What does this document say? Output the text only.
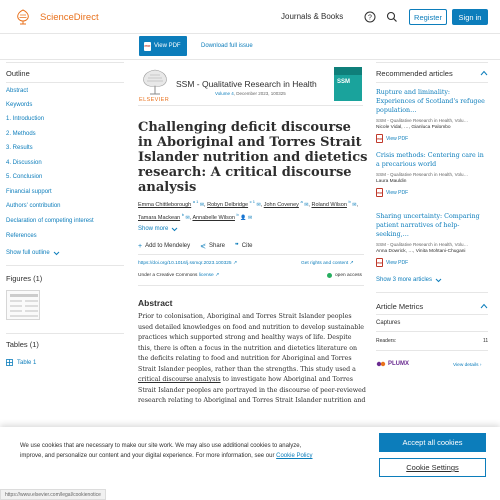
ScienceDirect	Journals & Books	?	Register	Sign in
PDF View PDF	Download full issue
Outline
Abstract
Keywords
1. Introduction
2. Methods
3. Results
4. Discussion
5. Conclusion
Financial support
Authors' contribution
Declaration of competing interest
References
Show full outline
Figures (1)
Tables (1)
Table 1
ELSEVIER
SSM - Qualitative Research in Health
Volume 4, December 2023, 100325
SSM
Challenging deficit discourse in Aboriginal and Torres Strait Islander nutrition and dietetics research: A critical discourse analysis
Emma Chittleborough $^{a 1}$ ✉, Robyn Delbridge $^{c 1}$ ✉, John Coveney $^a$ ✉, Roland Wilson $^b$ ✉, Tamara Mackean $^b$ ✉, Annabelle Wilson $^b$ 👤 ✉
Show more
+ Add to Mendeley ⋞ Share ❞ Cite
https://doi.org/10.1016/j.ssmqr.2023.100325 ↗	Get rights and content ↗
Under a Creative Commons license ↗	open access
Abstract

Prior to colonisation, Aboriginal and Torres Strait Islander peoples used detailed knowledges on food and nutrition to develop sustainable practices which supported strong and healthy ways of life. Despite this, there is often a focus in the nutrition and dietetics literature on the deficits relating to food and nutrition for Aboriginal and Torres Strait Islander peoples, rather than the strengths. This study used a critical discourse analysis to investigate how Aboriginal and Torres Strait Islander peoples are portrayed in the discourse of peer-reviewed research relating to Aboriginal and Torres Strait Islander nutrition and

Recommended articles
Rupture and liminality: Experiences of Scotland's refugee population…
SSM - Qualitative Research in Health, Volu…
Nicole Vidal, …, Gianluca Palombo
PDF View PDF
Crisis methods: Centering care in a precarious world
SSM - Qualitative Research in Health, Volu…
Laura Mauldin
PDF View PDF
Sharing uncertainty: Comparing patient narratives of help-seeking,…
SSM - Qualitative Research in Health, Volu…
Anna Dowrick, …, Vinita Mohtani-Chugani
PDF View PDF
Show 3 more articles
Article Metrics
Captures
Readers:	11
PLUMX	View details ›

We use cookies that are necessary to make our site work. We may also use additional cookies to analyze, improve, and personalize our content and your digital experience. For more information, see our Cookie Policy

Accept all cookies
Cookie Settings
https://www.elsevier.com/legal/cookienotice
